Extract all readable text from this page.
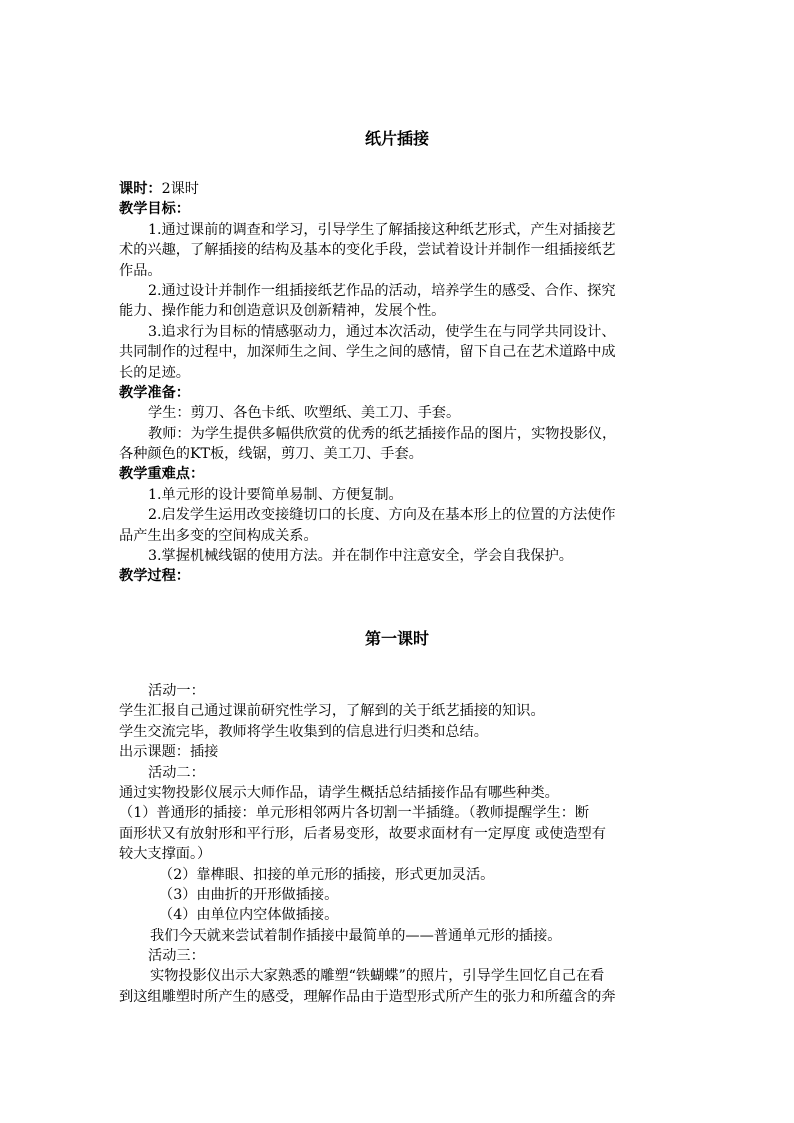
纸片插接
课时：2课时
教学目标：
1.通过课前的调查和学习，引导学生了解插接这种纸艺形式，产生对插接艺
术的兴趣，了解插接的结构及基本的变化手段，尝试着设计并制作一组插接纸艺
作品。
2.通过设计并制作一组插接纸艺作品的活动，培养学生的感受、合作、探究
能力、操作能力和创造意识及创新精神，发展个性。
3.追求行为目标的情感驱动力，通过本次活动，使学生在与同学共同设计、
共同制作的过程中，加深师生之间、学生之间的感情，留下自己在艺术道路中成
长的足迹。
教学准备：
学生：剪刀、各色卡纸、吹塑纸、美工刀、手套。
教师：为学生提供多幅供欣赏的优秀的纸艺插接作品的图片，实物投影仪，
各种颜色的KT板，线锯，剪刀、美工刀、手套。
教学重难点：
1.单元形的设计要简单易制、方便复制。
2.启发学生运用改变接缝切口的长度、方向及在基本形上的位置的方法使作
品产生出多变的空间构成关系。
3.掌握机械线锯的使用方法。并在制作中注意安全，学会自我保护。
教学过程：
第一课时
活动一：
学生汇报自己通过课前研究性学习，了解到的关于纸艺插接的知识。
学生交流完毕，教师将学生收集到的信息进行归类和总结。
出示课题：插接
活动二：
通过实物投影仪展示大师作品，请学生概括总结插接作品有哪些种类。
（1）普通形的插接：单元形相邻两片各切割一半插缝。（教师提醒学生：断
面形状又有放射形和平行形，后者易变形，故要求面材有一定厚度 或使造型有
较大支撑面。）
（2）靠榫眼、扣接的单元形的插接，形式更加灵活。
（3）由曲折的开形做插接。
（4）由单位内空体做插接。
我们今天就来尝试着制作插接中最简单的——普通单元形的插接。
活动三：
实物投影仪出示大家熟悉的雕塑“铁蝴蝶”的照片，引导学生回忆自己在看
到这组雕塑时所产生的感受，理解作品由于造型形式所产生的张力和所蕴含的奔
